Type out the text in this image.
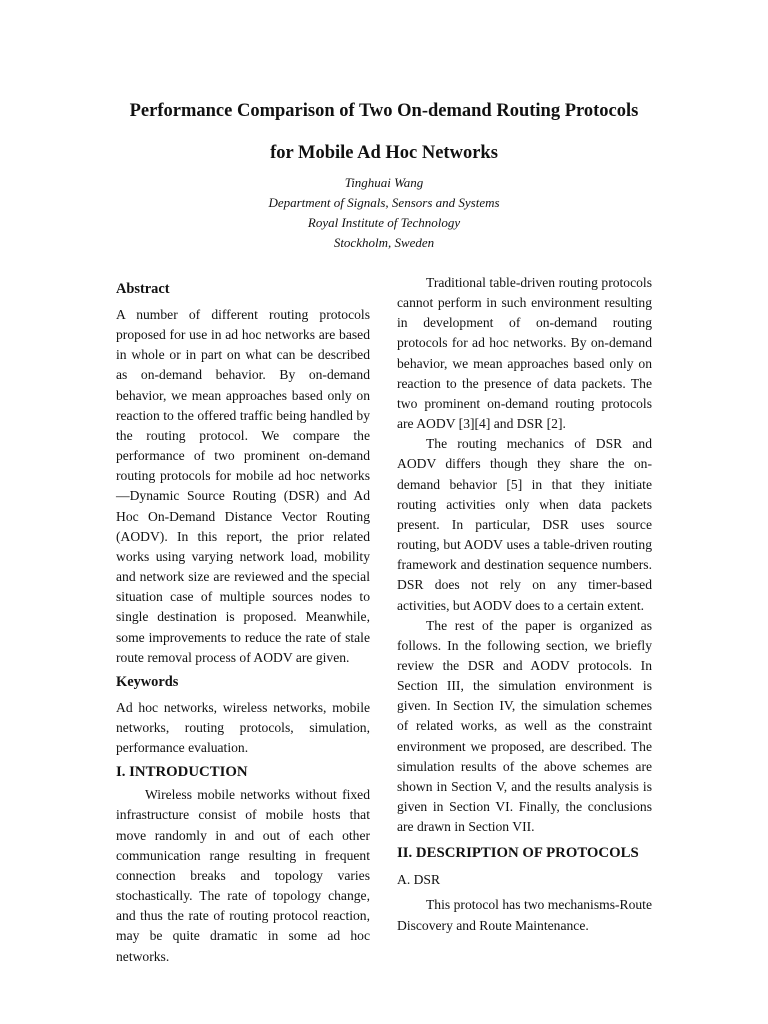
Performance Comparison of Two On-demand Routing Protocols
for Mobile Ad Hoc Networks
Tinghuai Wang
Department of Signals, Sensors and Systems
Royal Institute of Technology
Stockholm, Sweden
Abstract

A number of different routing protocols proposed for use in ad hoc networks are based in whole or in part on what can be described as on-demand behavior. By on-demand behavior, we mean approaches based only on reaction to the offered traffic being handled by the routing protocol. We compare the performance of two prominent on-demand routing protocols for mobile ad hoc networks—Dynamic Source Routing (DSR) and Ad Hoc On-Demand Distance Vector Routing (AODV). In this report, the prior related works using varying network load, mobility and network size are reviewed and the special situation case of multiple sources nodes to single destination is proposed. Meanwhile, some improvements to reduce the rate of stale route removal process of AODV are given.

Keywords

Ad hoc networks, wireless networks, mobile networks, routing protocols, simulation, performance evaluation.

I. INTRODUCTION

Wireless mobile networks without fixed infrastructure consist of mobile hosts that move randomly in and out of each other communication range resulting in frequent connection breaks and topology varies stochastically. The rate of topology change, and thus the rate of routing protocol reaction, may be quite dramatic in some ad hoc networks.

Traditional table-driven routing protocols cannot perform in such environment resulting in development of on-demand routing protocols for ad hoc networks. By on-demand behavior, we mean approaches based only on reaction to the presence of data packets. The two prominent on-demand routing protocols are AODV [3][4] and DSR [2].

The routing mechanics of DSR and AODV differs though they share the on-demand behavior [5] in that they initiate routing activities only when data packets present. In particular, DSR uses source routing, but AODV uses a table-driven routing framework and destination sequence numbers. DSR does not rely on any timer-based activities, but AODV does to a certain extent.

The rest of the paper is organized as follows. In the following section, we briefly review the DSR and AODV protocols. In Section III, the simulation environment is given. In Section IV, the simulation schemes of related works, as well as the constraint environment we proposed, are described. The simulation results of the above schemes are shown in Section V, and the results analysis is given in Section VI. Finally, the conclusions are drawn in Section VII.

II. DESCRIPTION OF PROTOCOLS
A. DSR

This protocol has two mechanisms-Route Discovery and Route Maintenance.
